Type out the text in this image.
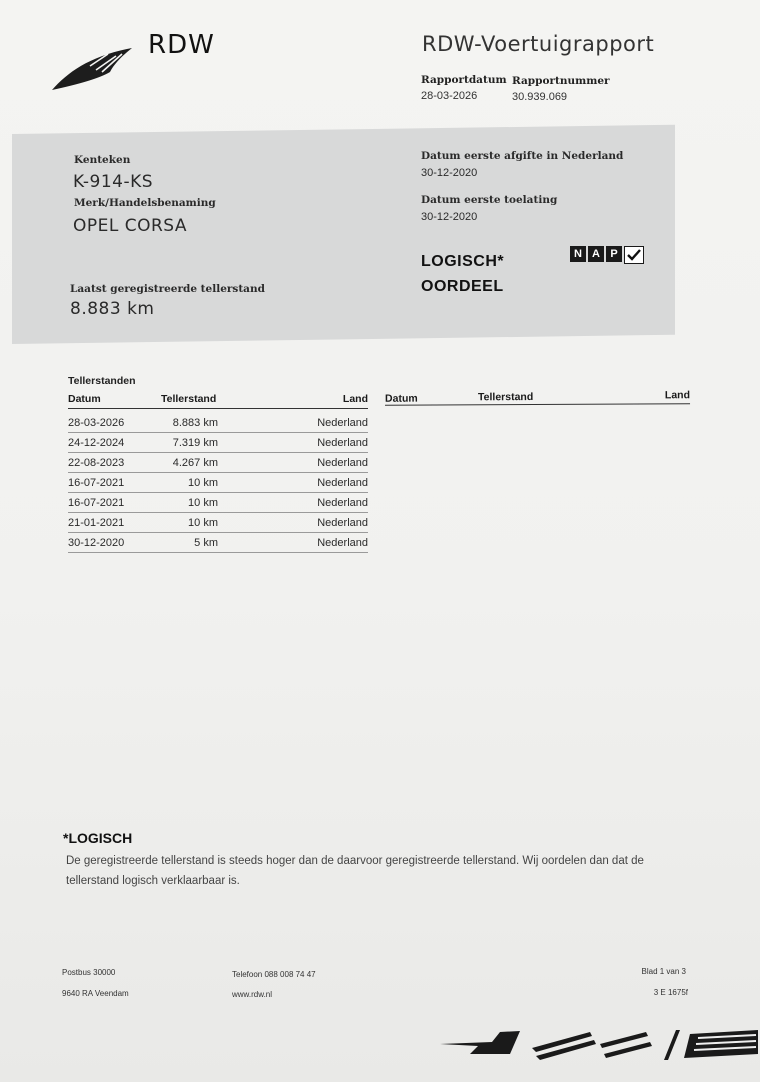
RDW	RDW-Voertuigrapport
Rapportdatum
28-03-2026
Rapportnummer
30.939.069
Kenteken
K-914-KS
Merk/Handelsbenaming
OPEL CORSA
Laatst geregistreerde tellerstand
8.883 km
Datum eerste afgifte in Nederland
30-12-2020
Datum eerste toelating
30-12-2020
LOGISCH*
OORDEEL
N A P
Tellerstanden
Datum	Tellerstand	Land Datum	Tellerstand	Land
28-03-2026	8.883 km	Nederland
24-12-2024	7.319 km	Nederland
22-08-2023	4.267 km	Nederland
16-07-2021	10 km	Nederland
16-07-2021	10 km	Nederland
21-01-2021	10 km	Nederland
30-12-2020	5 km	Nederland
*LOGISCH
De geregistreerde tellerstand is steeds hoger dan de daarvoor geregistreerde tellerstand. Wij oordelen dan dat de
tellerstand logisch verklaarbaar is.
Postbus 30000
9640 RA Veendam
Telefoon 088 008 74 47
www.rdw.nl
Blad 1 van 3
3 E 1675f
